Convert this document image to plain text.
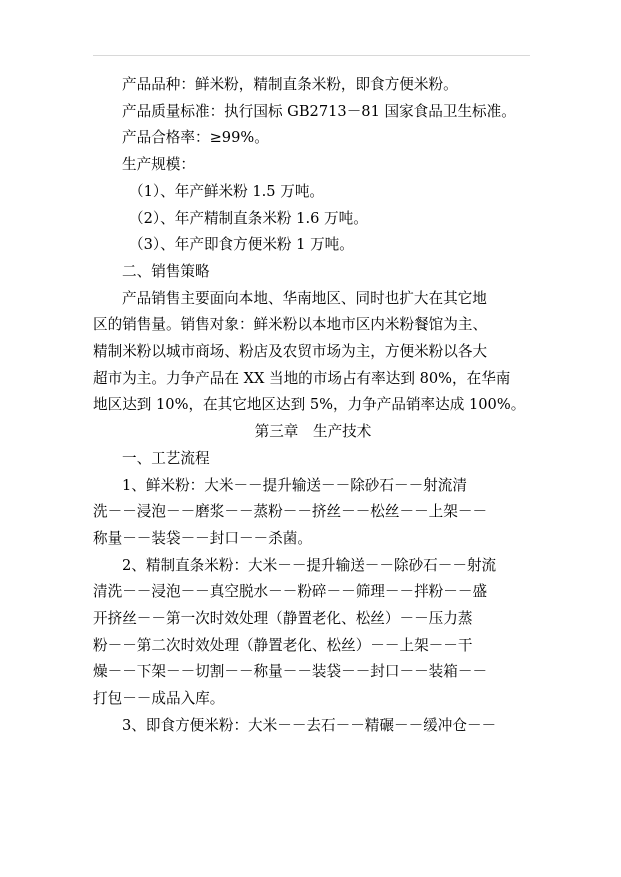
产品品种：鲜米粉，精制直条米粉，即食方便米粉。
产品质量标准：执行国标 GB2713－81 国家食品卫生标准。
产品合格率：≥99%。
生产规模：
（1）、年产鲜米粉 1.5 万吨。
（2）、年产精制直条米粉 1.6 万吨。
（3）、年产即食方便米粉 1 万吨。
二、销售策略
产品销售主要面向本地、华南地区、同时也扩大在其它地
区的销售量。销售对象：鲜米粉以本地市区内米粉餐馆为主、
精制米粉以城市商场、粉店及农贸市场为主，方便米粉以各大
超市为主。力争产品在 XX 当地的市场占有率达到 80%，在华南
地区达到 10%，在其它地区达到 5%，力争产品销率达成 100%。
第三章　生产技术
一、工艺流程
1、鲜米粉：大米－－提升输送－－除砂石－－射流清
洗－－浸泡－－磨浆－－蒸粉－－挤丝－－松丝－－上架－－
称量－－装袋－－封口－－杀菌。
2、精制直条米粉：大米－－提升输送－－除砂石－－射流
清洗－－浸泡－－真空脱水－－粉碎－－筛理－－拌粉－－盛
开挤丝－－第一次时效处理（静置老化、松丝）－－压力蒸
粉－－第二次时效处理（静置老化、松丝）－－上架－－干
燥－－下架－－切割－－称量－－装袋－－封口－－装箱－－
打包－－成品入库。
3、即食方便米粉：大米－－去石－－精碾－－缓冲仓－－
